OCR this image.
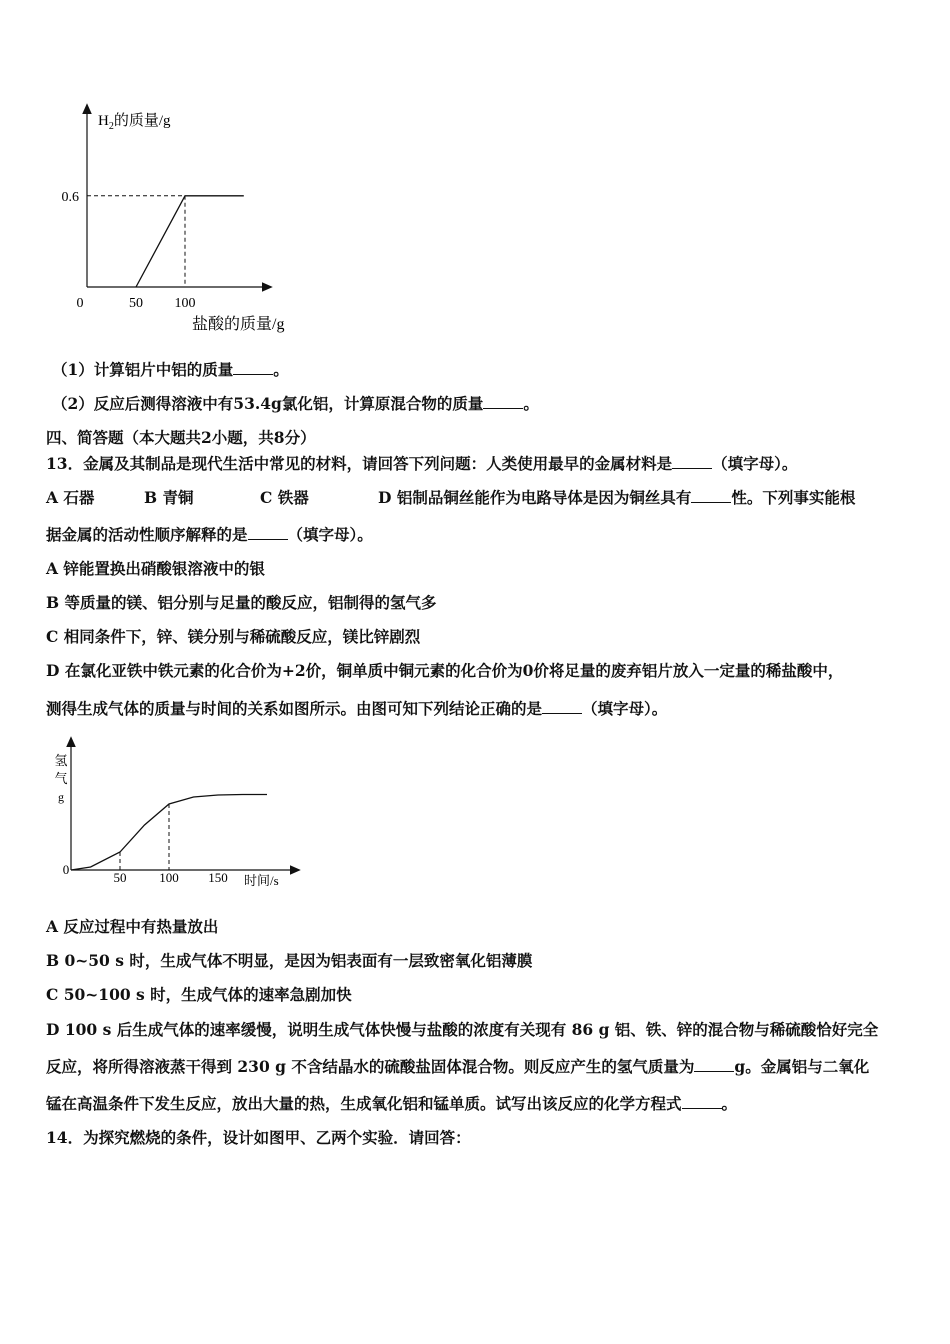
$H_2$的质量/g
0.6
0	50 100
盐酸的质量/g
（1）计算铝片中铝的质量	。
（2）反应后测得溶液中有53.4g氯化铝，计算原混合物的质量	。
四、简答题（本大题共2小题，共8分）
13．金属及其制品是现代生活中常见的材料，请回答下列问题：人类使用最早的金属材料是	（填字母）。
A 石器	B 青铜	C 铁器	D 铝制品铜丝能作为电路导体是因为铜丝具有	性。下列事实能根
据金属的活动性顺序解释的是	（填字母）。
A 锌能置换出硝酸银溶液中的银
B 等质量的镁、铝分别与足量的酸反应，铝制得的氢气多
C 相同条件下，锌、镁分别与稀硫酸反应，镁比锌剧烈
D 在氯化亚铁中铁元素的化合价为+2价，铜单质中铜元素的化合价为0价将足量的废弃铝片放入一定量的稀盐酸中，
测得生成气体的质量与时间的关系如图所示。由图可知下列结论正确的是	（填字母）。
氢
气
g
0
50	100 150 时间/s
A 反应过程中有热量放出
B 0~50 s 时，生成气体不明显，是因为铝表面有一层致密氧化铝薄膜
C 50~100 s 时，生成气体的速率急剧加快
D 100 s 后生成气体的速率缓慢，说明生成气体快慢与盐酸的浓度有关现有 86 g 铝、铁、锌的混合物与稀硫酸恰好完全
反应，将所得溶液蒸干得到 230 g 不含结晶水的硫酸盐固体混合物。则反应产生的氢气质量为	g。金属铝与二氧化
锰在高温条件下发生反应，放出大量的热，生成氧化铝和锰单质。试写出该反应的化学方程式	。
14．为探究燃烧的条件，设计如图甲、乙两个实验．请回答：
